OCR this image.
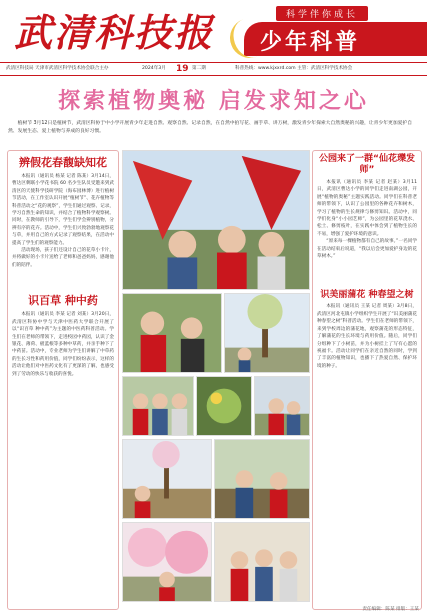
武清科技报	科学伴你成长
少年科普
武清区科技局 天津市武清区科学技术协会联合主办	2024年3月 19 第二期	科普热线：www.kjxxrd.com 主管：武清区科学技术协会
探索植物奥秘 启发求知之心
植树节 3月12日是植树节，武清区科协于中小学开展青少年走进自然、观察自然、记录自然，在自然中拍写花、画手草、讲万树，激发青少年探索大自然奥秘的兴趣，让青少年更加爱护自然、发展生态、爱上植物与养成的良好习惯。
辨假花春馥缺知花

本报讯（通讯员 杨某 记者 陈某）3月14日，曹达区剩联小学花书院 60 名少生队员受邀来到武清区的天使科学技研学院（海布园林博）进行植树节活动，在工作室认识开展“植树节”、花卉植物等科普活动之“花的观察”，学生们通过观察、记录，学习自然生命的知识，并结合了植物科学观察树。同时，在教师的引导下，学生们学会辨别植物，分辨有序的花卉。活动中，学生们兴致勃勃地观察花与草，并用自己的方式记录了观察结果，在活动中提高了学生们的观察能力。

活动现场，孩子们还设计自己的花草小卡片，并将做好的小卡片送给了老师和爸爸妈妈，感谢他们的陪伴。

识百草 种中药

本报讯（通讯员 李某 记者 刘某）3月20日，武清区科协中学与天津中医药大学联合开展了以“识百草 种中药”为主题的中医药科普活动。学生们在老师的带领下，走进校园中药园，认识了金银花、薄荷、板蓝根等多种中草药，并亲手种下了中药苗。活动中，专业老师为学生们讲解了中草药的生长习性和药用价值，同学们纷纷表示，这样的活动让他们对中医药文化有了更深的了解，也感受到了劳动的快乐与收获的喜悦。

公园来了一群“仙花瓅发师”

本报讯（通讯员 李某 记者 赵某）3月11日，武清区曹达小学的同学们走进南湖公园，开展“植物的奥秘”主题实践活动。同学们在科普老师的带领下，认识了公园里的各种花卉和树木，学习了植物的生长规律与修剪知识。活动中，同学们化身“小小园艺师”，为公园里的花草浇水、松土、修剪枝叶，在实践中体会到了植物生长的不易，增强了爱护环境的意识。

“原来每一棵植物都有自己的故事。”一名同学在活动结束后说道，“我以后会更加爱护身边的花草树木。”

识美丽蒲花 种春望之树

本报讯（通讯员 王某 记者 周某）3月8日，武清区河北屯镇小学组织学生开展了“识美丽蒲花 种春望之树”科普活动。学生们在老师的带领下，来到学校周边的蒲花地，观察蒲花的形态特征，了解蒲花的生长环境与药用价值。随后，同学们分组种下了小树苗，并为小树挂上了写有心愿的祝福卡。活动让同学们在亲近自然的同时，学到了丰富的植物知识，也播下了热爱自然、保护环境的种子。

责任编辑：陈某 排版：王某
